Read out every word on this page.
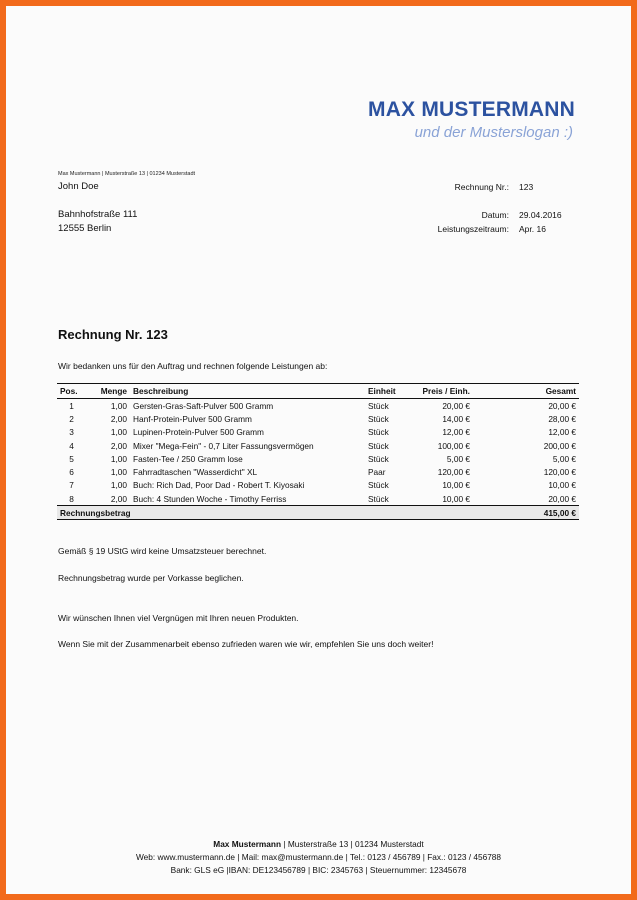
MAX MUSTERMANN
und der Musterslogan :)
Max Mustermann | Musterstraße 13 | 01234 Musterstadt
John Doe
Bahnhofstraße 111
12555 Berlin
Rechnung Nr.: 123
Datum: 29.04.2016
Leistungszeitraum: Apr. 16
Rechnung Nr. 123
Wir bedanken uns für den Auftrag und rechnen folgende Leistungen ab:
Pos.	Menge	Beschreibung	Einheit	Preis / Einh.	Gesamt
1	1,00	Gersten-Gras-Saft-Pulver 500 Gramm	Stück	20,00 €	20,00 €
2	2,00	Hanf-Protein-Pulver 500 Gramm	Stück	14,00 €	28,00 €
3	1,00	Lupinen-Protein-Pulver 500 Gramm	Stück	12,00 €	12,00 €
4	2,00	Mixer "Mega-Fein" - 0,7 Liter Fassungsvermögen	Stück	100,00 €	200,00 €
5	1,00	Fasten-Tee / 250 Gramm lose	Stück	5,00 €	5,00 €
6	1,00	Fahrradtaschen "Wasserdicht" XL	Paar	120,00 €	120,00 €
7	1,00	Buch: Rich Dad, Poor Dad - Robert T. Kiyosaki	Stück	10,00 €	10,00 €
8	2,00	Buch: 4 Stunden Woche - Timothy Ferriss	Stück	10,00 €	20,00 €
Rechnungsbetrag					415,00 €
Gemäß § 19 UStG wird keine Umsatzsteuer berechnet.
Rechnungsbetrag wurde per Vorkasse beglichen.
Wir wünschen Ihnen viel Vergnügen mit Ihren neuen Produkten.
Wenn Sie mit der Zusammenarbeit ebenso zufrieden waren wie wir, empfehlen Sie uns doch weiter!
Max Mustermann | Musterstraße 13 | 01234 Musterstadt
Web: www.mustermann.de | Mail: max@mustermann.de | Tel.: 0123 / 456789 | Fax.: 0123 / 456788
Bank: GLS eG |IBAN: DE123456789 | BIC: 2345763 | Steuernummer: 12345678
